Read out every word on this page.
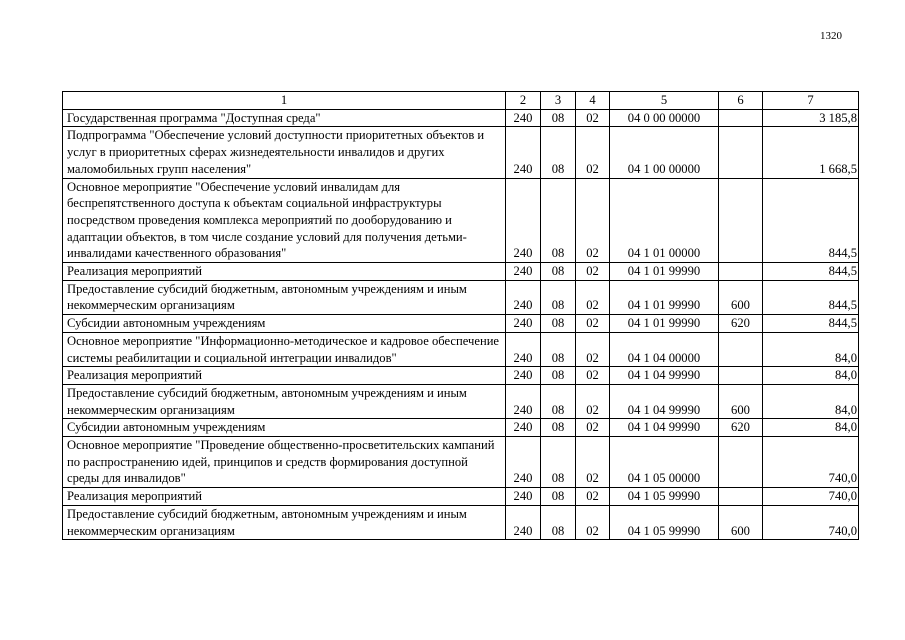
1320
1	2	3	4	5	6	7
Государственная программа "Доступная среда"	240	08	02	04 0 00 00000		3 185,8
Подпрограмма "Обеспечение условий доступности приоритетных объектов и услуг в приоритетных сферах жизнедеятельности инвалидов и других маломобильных групп населения"	240	08	02	04 1 00 00000		1 668,5
Основное мероприятие "Обеспечение условий инвалидам для беспрепятственного доступа к объектам социальной инфраструктуры посредством проведения комплекса мероприятий по дооборудованию и адаптации объектов, в том числе создание условий для получения детьми-инвалидами качественного образования"	240	08	02	04 1 01 00000		844,5
Реализация мероприятий	240	08	02	04 1 01 99990		844,5
Предоставление субсидий бюджетным, автономным учреждениям и иным некоммерческим организациям	240	08	02	04 1 01 99990	600	844,5
Субсидии автономным учреждениям	240	08	02	04 1 01 99990	620	844,5
Основное мероприятие "Информационно-методическое и кадровое обеспечение системы реабилитации и социальной интеграции инвалидов"	240	08	02	04 1 04 00000		84,0
Реализация мероприятий	240	08	02	04 1 04 99990		84,0
Предоставление субсидий бюджетным, автономным учреждениям и иным некоммерческим организациям	240	08	02	04 1 04 99990	600	84,0
Субсидии автономным учреждениям	240	08	02	04 1 04 99990	620	84,0
Основное мероприятие "Проведение общественно-просветительских кампаний по распространению идей, принципов и средств формирования доступной среды для инвалидов"	240	08	02	04 1 05 00000		740,0
Реализация мероприятий	240	08	02	04 1 05 99990		740,0
Предоставление субсидий бюджетным, автономным учреждениям и иным некоммерческим организациям	240	08	02	04 1 05 99990	600	740,0
